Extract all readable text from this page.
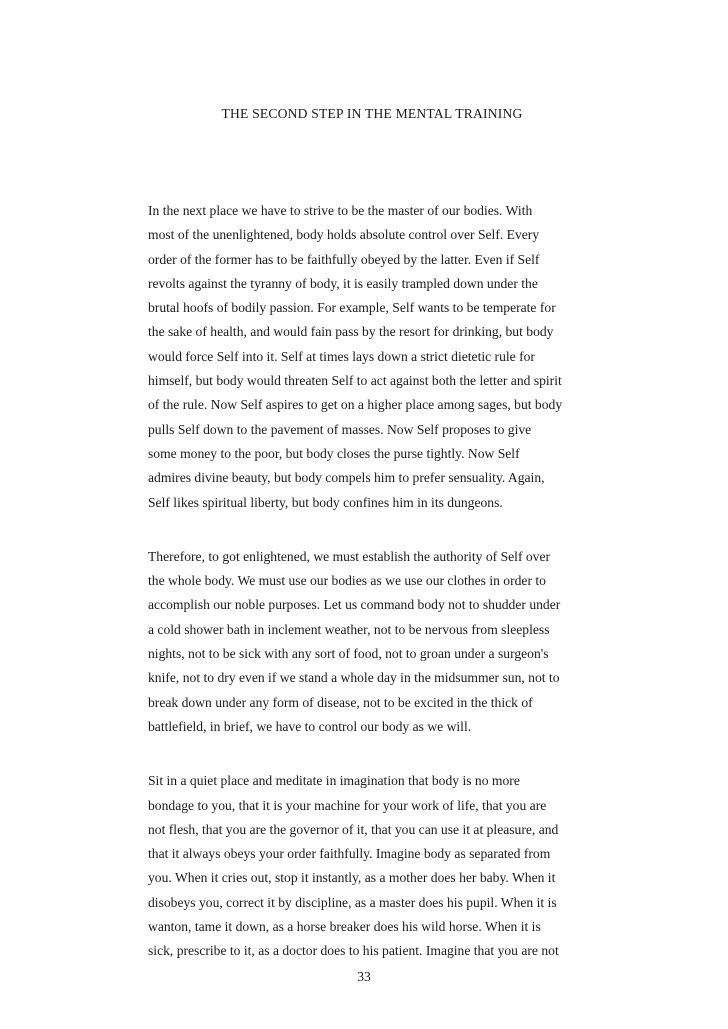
THE SECOND STEP IN THE MENTAL TRAINING
In the next place we have to strive to be the master of our bodies. With
most of the unenlightened, body holds absolute control over Self. Every
order of the former has to be faithfully obeyed by the latter. Even if Self
revolts against the tyranny of body, it is easily trampled down under the
brutal hoofs of bodily passion. For example, Self wants to be temperate for
the sake of health, and would fain pass by the resort for drinking, but body
would force Self into it. Self at times lays down a strict dietetic rule for
himself, but body would threaten Self to act against both the letter and spirit
of the rule. Now Self aspires to get on a higher place among sages, but body
pulls Self down to the pavement of masses. Now Self proposes to give
some money to the poor, but body closes the purse tightly. Now Self
admires divine beauty, but body compels him to prefer sensuality. Again,
Self likes spiritual liberty, but body confines him in its dungeons.
Therefore, to got enlightened, we must establish the authority of Self over
the whole body. We must use our bodies as we use our clothes in order to
accomplish our noble purposes. Let us command body not to shudder under
a cold shower bath in inclement weather, not to be nervous from sleepless
nights, not to be sick with any sort of food, not to groan under a surgeon's
knife, not to dry even if we stand a whole day in the midsummer sun, not to
break down under any form of disease, not to be excited in the thick of
battlefield, in brief, we have to control our body as we will.
Sit in a quiet place and meditate in imagination that body is no more
bondage to you, that it is your machine for your work of life, that you are
not flesh, that you are the governor of it, that you can use it at pleasure, and
that it always obeys your order faithfully. Imagine body as separated from
you. When it cries out, stop it instantly, as a mother does her baby. When it
disobeys you, correct it by discipline, as a master does his pupil. When it is
wanton, tame it down, as a horse breaker does his wild horse. When it is
sick, prescribe to it, as a doctor does to his patient. Imagine that you are not
33
